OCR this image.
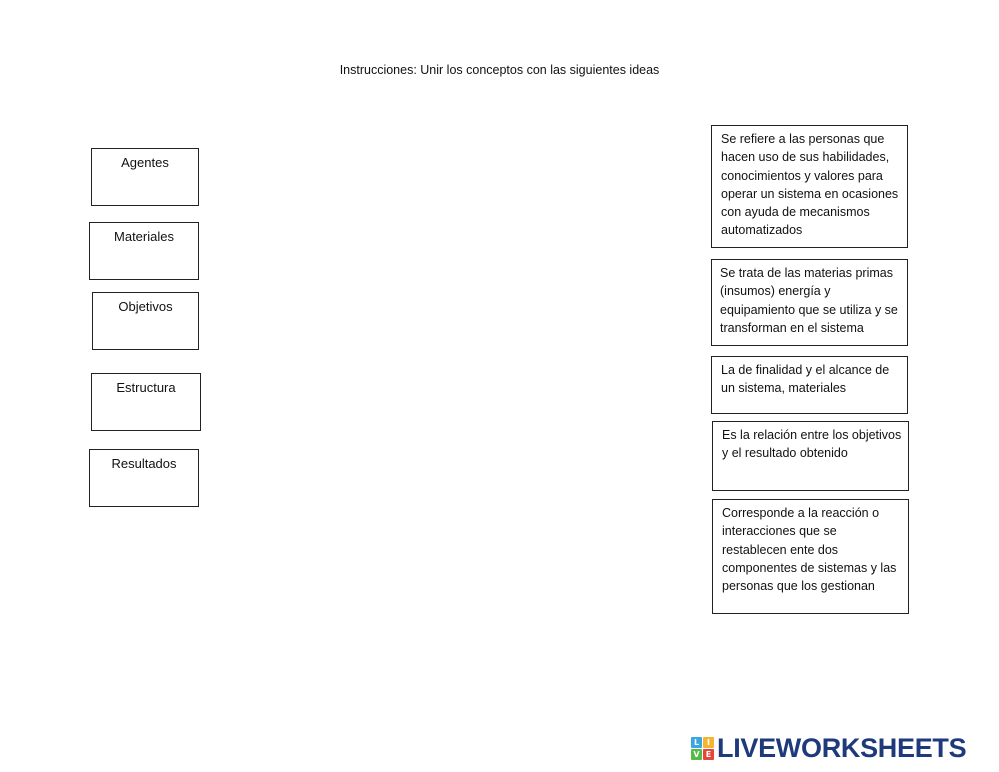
Instrucciones: Unir los conceptos con las siguientes ideas
Agentes
Materiales
Objetivos
Estructura
Resultados
Se refiere a las personas que hacen uso de sus habilidades, conocimientos y valores para operar un sistema en ocasiones con ayuda de mecanismos automatizados
Se trata de las materias primas (insumos) energía y equipamiento que se utiliza y se transforman en el sistema
La de finalidad y el alcance de un sistema, materiales
Es la relación entre los objetivos y el resultado obtenido
Corresponde a la reacción o interacciones que se restablecen ente dos componentes de sistemas y las personas que los gestionan
L I
V E LIVEWORKSHEETS
